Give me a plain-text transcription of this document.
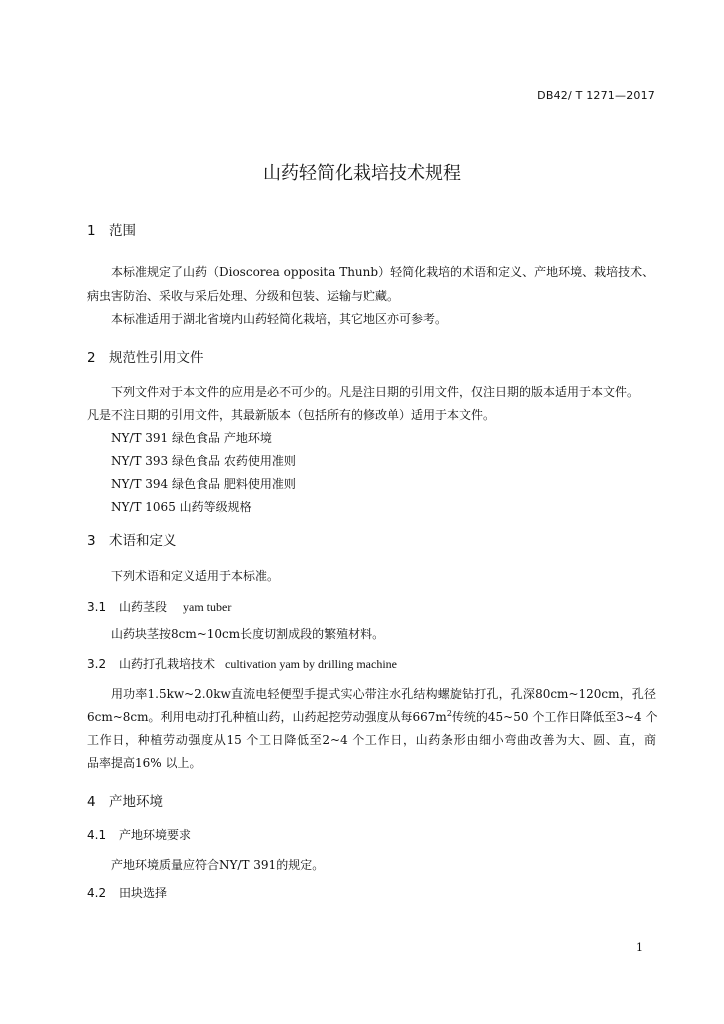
DB42/ T 1271—2017
山药轻简化栽培技术规程
1 范围
本标准规定了山药（Dioscorea opposita Thunb）轻简化栽培的术语和定义、产地环境、栽培技术、
病虫害防治、采收与采后处理、分级和包装、运输与贮藏。
本标准适用于湖北省境内山药轻简化栽培，其它地区亦可参考。
2 规范性引用文件
下列文件对于本文件的应用是必不可少的。凡是注日期的引用文件，仅注日期的版本适用于本文件。
凡是不注日期的引用文件，其最新版本（包括所有的修改单）适用于本文件。
NY/T 391 绿色食品 产地环境
NY/T 393 绿色食品 农药使用准则
NY/T 394 绿色食品 肥料使用准则
NY/T 1065 山药等级规格
3 术语和定义
下列术语和定义适用于本标准。
3.1 山药茎段 yam tuber
山药块茎按8cm~10cm长度切割成段的繁殖材料。
3.2 山药打孔栽培技术 cultivation yam by drilling machine
用功率1.5kw~2.0kw直流电轻便型手提式实心带注水孔结构螺旋钻打孔，孔深80cm~120cm，孔径
6cm~8cm。利用电动打孔种植山药，山药起挖劳动强度从每$667m^2$传统的45~50 个工作日降低至3~4 个
工作日，种植劳动强度从15 个工日降低至2~4 个工作日，山药条形由细小弯曲改善为大、圆、直，商
品率提高16% 以上。
4 产地环境
4.1 产地环境要求
产地环境质量应符合NY/T 391的规定。
4.2 田块选择
1
